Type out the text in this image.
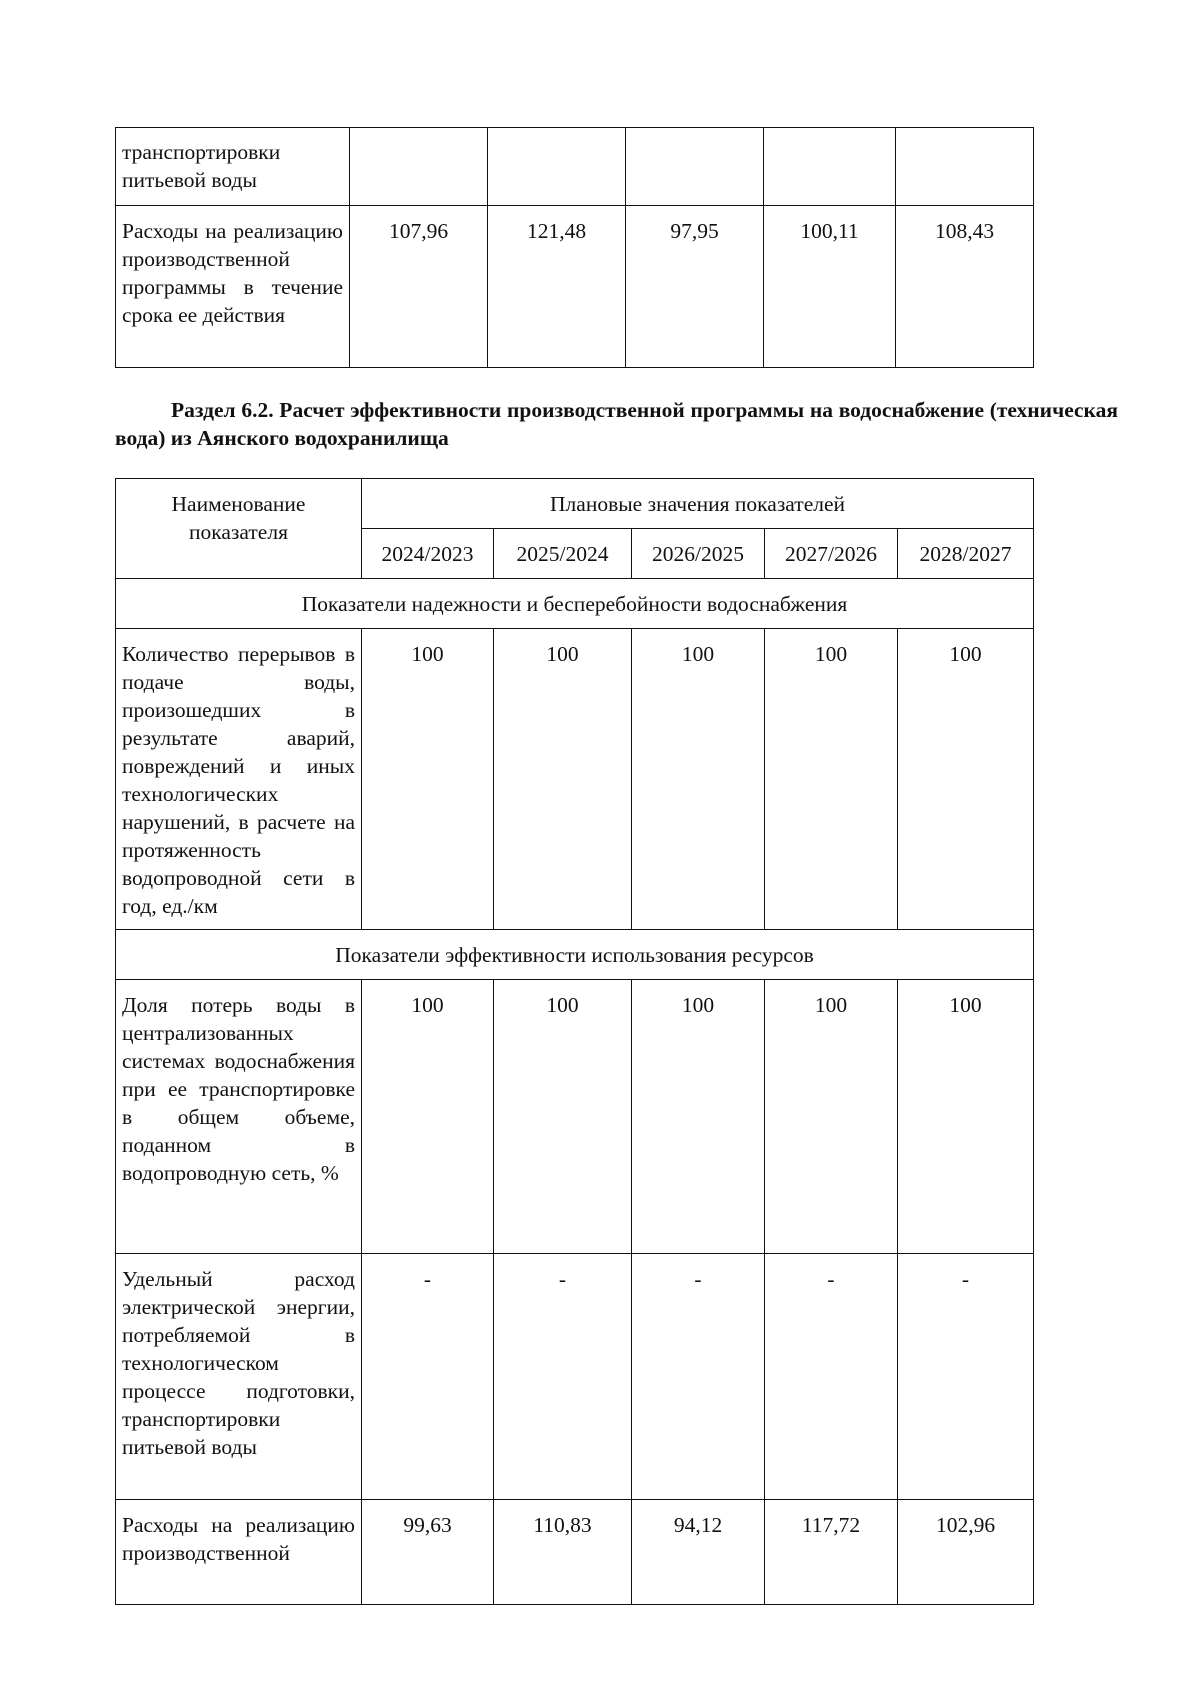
транспортировки питьевой воды					
Расходы на реализацию производственной программы в течение срока ее действия	107,96	121,48	97,95	100,11	108,43
Раздел 6.2. Расчет эффективности производственной программы на водоснабжение (техническая вода) из Аянского водохранилища
Наименование показателя	Плановые значения показателей				
	2024/2023	2025/2024	2026/2025	2027/2026	2028/2027
Показатели надежности и бесперебойности водоснабжения					
Количество перерывов в подаче воды, произошедших в результате аварий, повреждений и иных технологических нарушений, в расчете на протяженность водопроводной сети в год, ед./км	100	100	100	100	100
Показатели эффективности использования ресурсов					
Доля потерь воды в централизованных системах водоснабжения при ее транспортировке в общем объеме, поданном в водопроводную сеть, %	100	100	100	100	100
Удельный расход электрической энергии, потребляемой в технологическом процессе подготовки, транспортировки питьевой воды	-	-	-	-	-
Расходы на реализацию производственной	99,63	110,83	94,12	117,72	102,96
